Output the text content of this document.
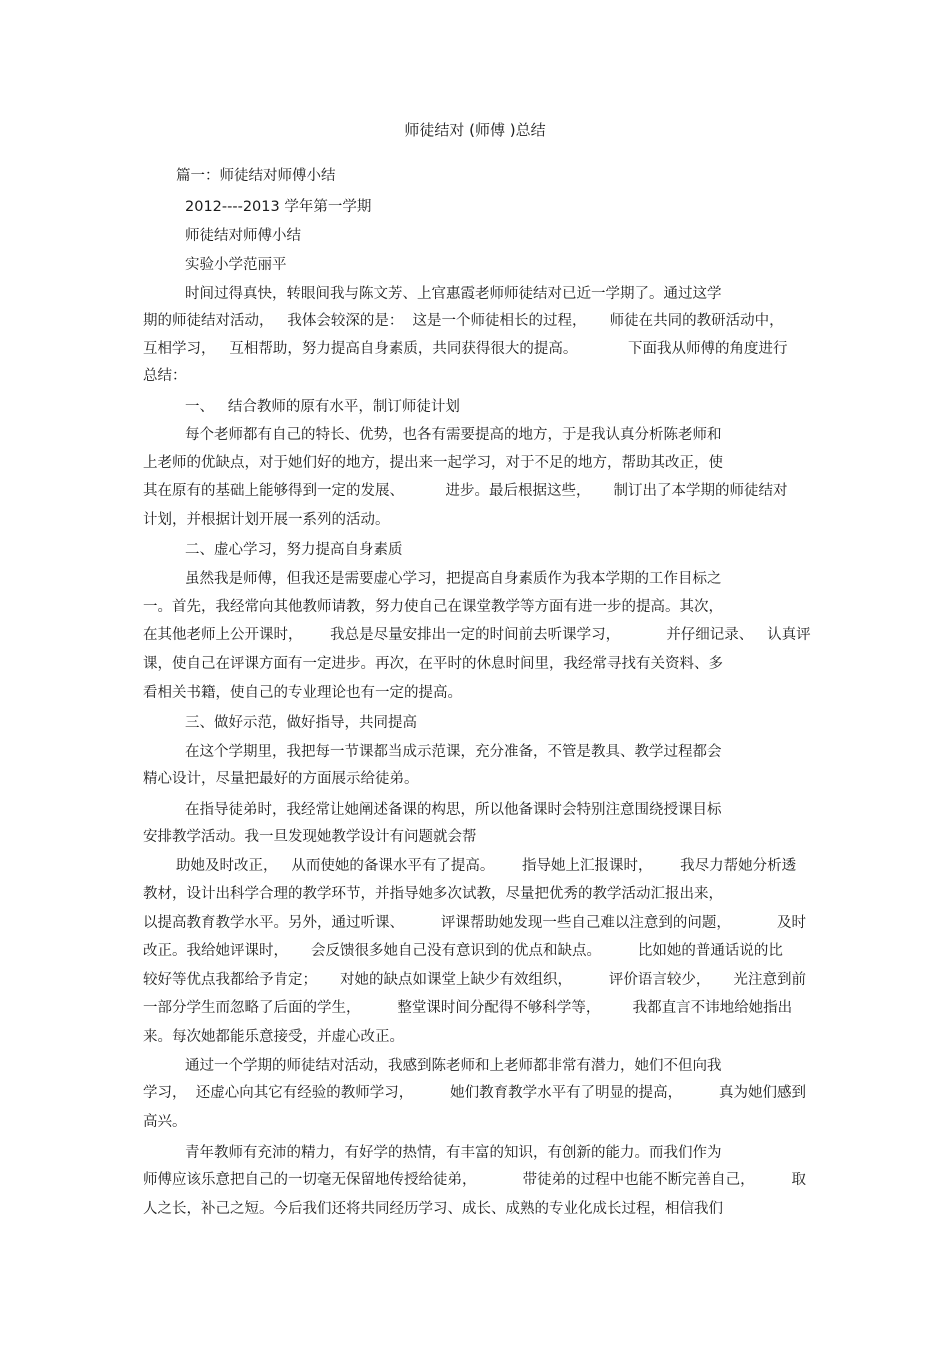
师徒结对 (师傅 )总结
篇一：师徒结对师傅小结
2012----2013 学年第一学期
师徒结对师傅小结
实验小学范丽平
时间过得真快，转眼间我与陈文芳、上官惠霞老师师徒结对已近一学期了。通过这学
期的师徒结对活动，   我体会较深的是：  这是一个师徒相长的过程，     师徒在共同的教研活动中，
互相学习，   互相帮助，努力提高自身素质，共同获得很大的提高。           下面我从师傅的角度进行
总结：
一、   结合教师的原有水平，制订师徒计划
每个老师都有自己的特长、优势，也各有需要提高的地方，于是我认真分析陈老师和
上老师的优缺点，对于她们好的地方，提出来一起学习，对于不足的地方，帮助其改正，使
其在原有的基础上能够得到一定的发展、         进步。最后根据这些，     制订出了本学期的师徒结对
计划，并根据计划开展一系列的活动。
二、虚心学习，努力提高自身素质
虽然我是师傅，但我还是需要虚心学习，把提高自身素质作为我本学期的工作目标之
一。首先，我经常向其他教师请教，努力使自己在课堂教学等方面有进一步的提高。其次，
在其他老师上公开课时，      我总是尽量安排出一定的时间前去听课学习，          并仔细记录、   认真评
课，使自己在评课方面有一定进步。再次，在平时的休息时间里，我经常寻找有关资料、多
看相关书籍，使自己的专业理论也有一定的提高。
三、做好示范，做好指导，共同提高
在这个学期里，我把每一节课都当成示范课，充分准备，不管是教具、教学过程都会
精心设计，尽量把最好的方面展示给徒弟。
在指导徒弟时，我经常让她阐述备课的构思，所以他备课时会特别注意围绕授课目标
安排教学活动。我一旦发现她教学设计有问题就会帮
助她及时改正，   从而使她的备课水平有了提高。      指导她上汇报课时，      我尽力帮她分析透
教材，设计出科学合理的教学环节，并指导她多次试教，尽量把优秀的教学活动汇报出来，
以提高教育教学水平。另外，通过听课、        评课帮助她发现一些自己难以注意到的问题，          及时
改正。我给她评课时，     会反馈很多她自己没有意识到的优点和缺点。        比如她的普通话说的比
较好等优点我都给予肯定；     对她的缺点如课堂上缺少有效组织，        评价语言较少，     光注意到前
一部分学生而忽略了后面的学生，        整堂课时间分配得不够科学等，       我都直言不讳地给她指出
来。每次她都能乐意接受，并虚心改正。
通过一个学期的师徒结对活动，我感到陈老师和上老师都非常有潜力，她们不但向我
学习，  还虚心向其它有经验的教师学习，        她们教育教学水平有了明显的提高，        真为她们感到
高兴。
青年教师有充沛的精力，有好学的热情，有丰富的知识，有创新的能力。而我们作为
师傅应该乐意把自己的一切毫无保留地传授给徒弟，          带徒弟的过程中也能不断完善自己，        取
人之长，补己之短。今后我们还将共同经历学习、成长、成熟的专业化成长过程，相信我们
